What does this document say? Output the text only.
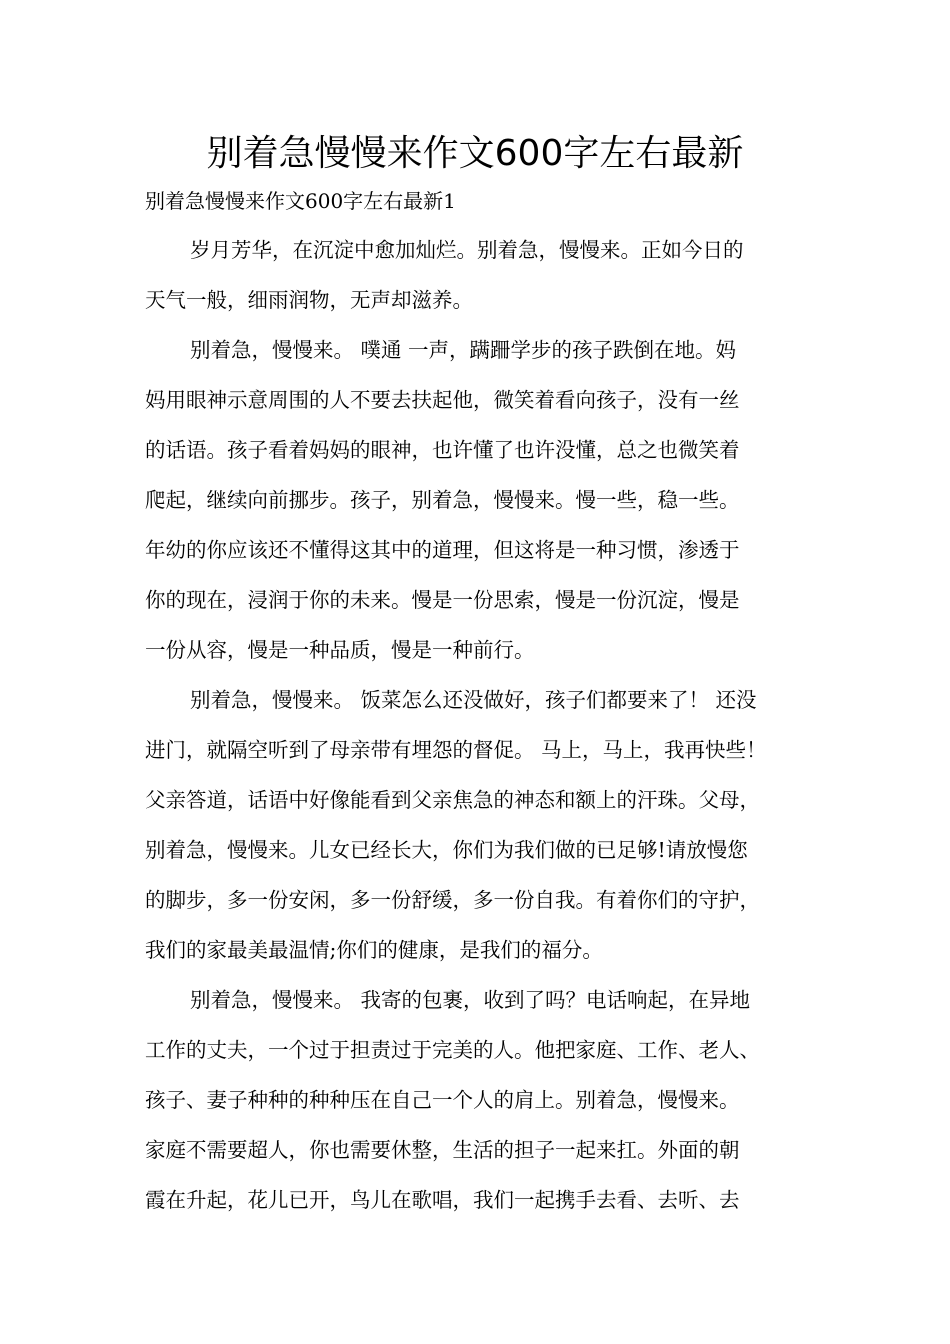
别着急慢慢来作文600字左右最新
别着急慢慢来作文600字左右最新1
岁月芳华，在沉淀中愈加灿烂。别着急，慢慢来。正如今日的
天气一般，细雨润物，无声却滋养。
别着急，慢慢来。 噗通 一声，蹒跚学步的孩子跌倒在地。妈
妈用眼神示意周围的人不要去扶起他，微笑着看向孩子，没有一丝
的话语。孩子看着妈妈的眼神，也许懂了也许没懂，总之也微笑着
爬起，继续向前挪步。孩子，别着急，慢慢来。慢一些，稳一些。
年幼的你应该还不懂得这其中的道理，但这将是一种习惯，渗透于
你的现在，浸润于你的未来。慢是一份思索，慢是一份沉淀，慢是
一份从容，慢是一种品质，慢是一种前行。
别着急，慢慢来。 饭菜怎么还没做好，孩子们都要来了！ 还没
进门，就隔空听到了母亲带有埋怨的督促。 马上，马上，我再快些！
父亲答道，话语中好像能看到父亲焦急的神态和额上的汗珠。父母，
别着急，慢慢来。儿女已经长大，你们为我们做的已足够!请放慢您
的脚步，多一份安闲，多一份舒缓，多一份自我。有着你们的守护，
我们的家最美最温情;你们的健康，是我们的福分。
别着急，慢慢来。 我寄的包裹，收到了吗？电话响起，在异地
工作的丈夫，一个过于担责过于完美的人。他把家庭、工作、老人、
孩子、妻子种种的种种压在自己一个人的肩上。别着急，慢慢来。
家庭不需要超人，你也需要休整，生活的担子一起来扛。外面的朝
霞在升起，花儿已开，鸟儿在歌唱，我们一起携手去看、去听、去
